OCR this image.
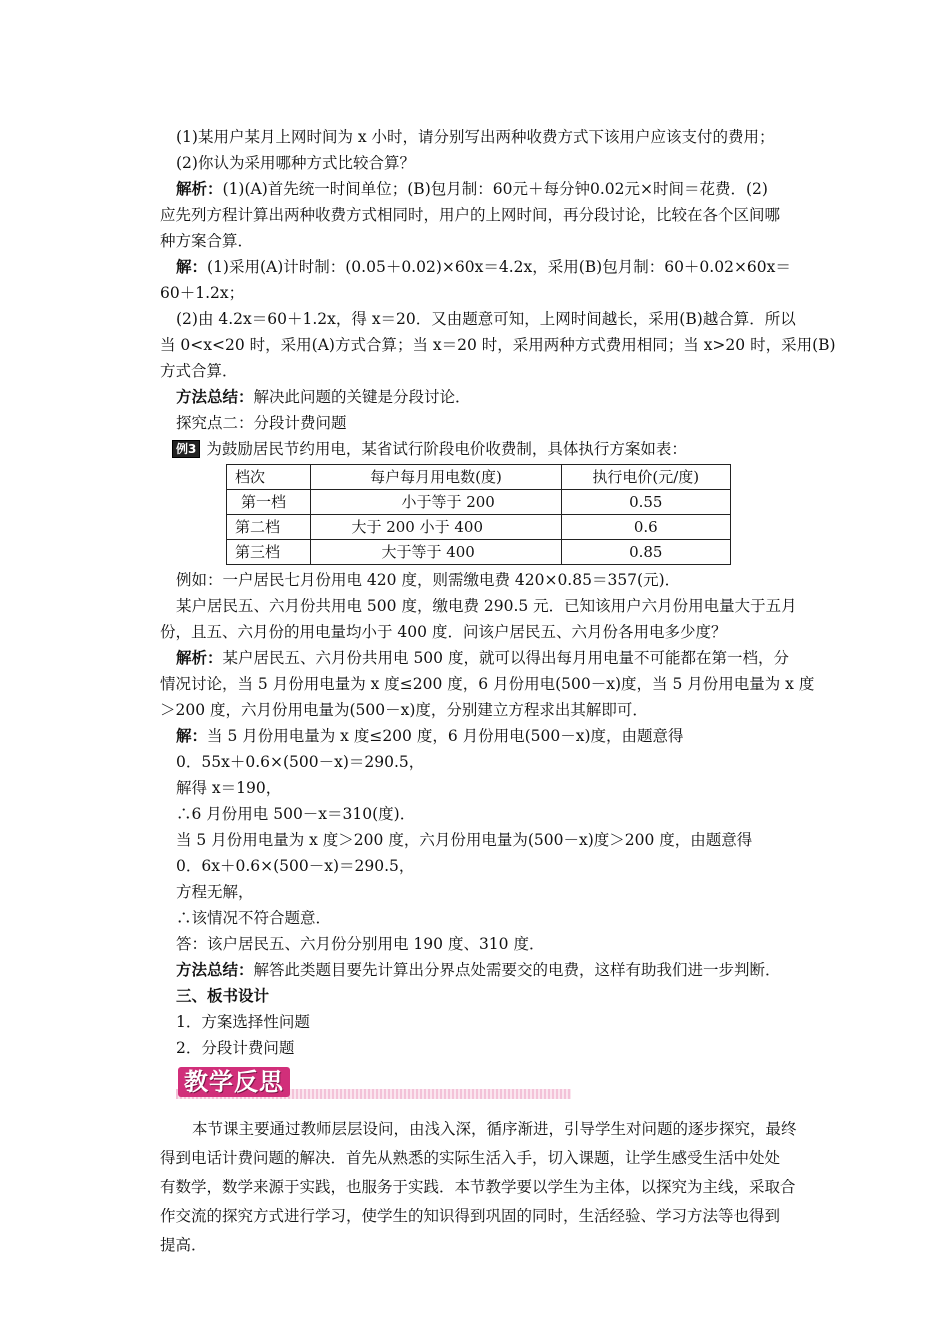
(1)某用户某月上网时间为 x 小时，请分别写出两种收费方式下该用户应该支付的费用；
(2)你认为采用哪种方式比较合算？
解析：(1)(A)首先统一时间单位；(B)包月制：60元＋每分钟0.02元×时间＝花费．(2)
应先列方程计算出两种收费方式相同时，用户的上网时间，再分段讨论，比较在各个区间哪
种方案合算．
解：(1)采用(A)计时制：(0.05＋0.02)×60x＝4.2x，采用(B)包月制：60＋0.02×60x＝
60＋1.2x；
(2)由 4.2x＝60＋1.2x，得 x＝20．又由题意可知，上网时间越长，采用(B)越合算．所以
当 0<x<20 时，采用(A)方式合算；当 x＝20 时，采用两种方式费用相同；当 x>20 时，采用(B)
方式合算．
方法总结：解决此问题的关键是分段讨论．
探究点二：分段计费问题
例3 为鼓励居民节约用电，某省试行阶段电价收费制，具体执行方案如表：
档次	每户每月用电数(度)	执行电价(元/度)
第一档	小于等于 200	0.55
第二档	大于 200 小于 400	0.6
第三档	大于等于 400	0.85
例如：一户居民七月份用电 420 度，则需缴电费 420×0.85＝357(元)．
某户居民五、六月份共用电 500 度，缴电费 290.5 元．已知该用户六月份用电量大于五月
份，且五、六月份的用电量均小于 400 度．问该户居民五、六月份各用电多少度？
解析：某户居民五、六月份共用电 500 度，就可以得出每月用电量不可能都在第一档，分
情况讨论，当 5 月份用电量为 x 度≤200 度，6 月份用电(500－x)度，当 5 月份用电量为 x 度
＞200 度，六月份用电量为(500－x)度，分别建立方程求出其解即可．
解：当 5 月份用电量为 x 度≤200 度，6 月份用电(500－x)度，由题意得
0．55x＋0.6×(500－x)＝290.5，
解得 x＝190，
∴6 月份用电 500－x＝310(度)．
当 5 月份用电量为 x 度＞200 度，六月份用电量为(500－x)度＞200 度，由题意得
0．6x＋0.6×(500－x)＝290.5，
方程无解，
∴该情况不符合题意．
答：该户居民五、六月份分别用电 190 度、310 度．
方法总结：解答此类题目要先计算出分界点处需要交的电费，这样有助我们进一步判断．
三、板书设计
1．方案选择性问题
2．分段计费问题
教学反思
本节课主要通过教师层层设问，由浅入深，循序渐进，引导学生对问题的逐步探究，最终
得到电话计费问题的解决．首先从熟悉的实际生活入手，切入课题，让学生感受生活中处处
有数学，数学来源于实践，也服务于实践．本节教学要以学生为主体，以探究为主线，采取合
作交流的探究方式进行学习，使学生的知识得到巩固的同时，生活经验、学习方法等也得到
提高．
